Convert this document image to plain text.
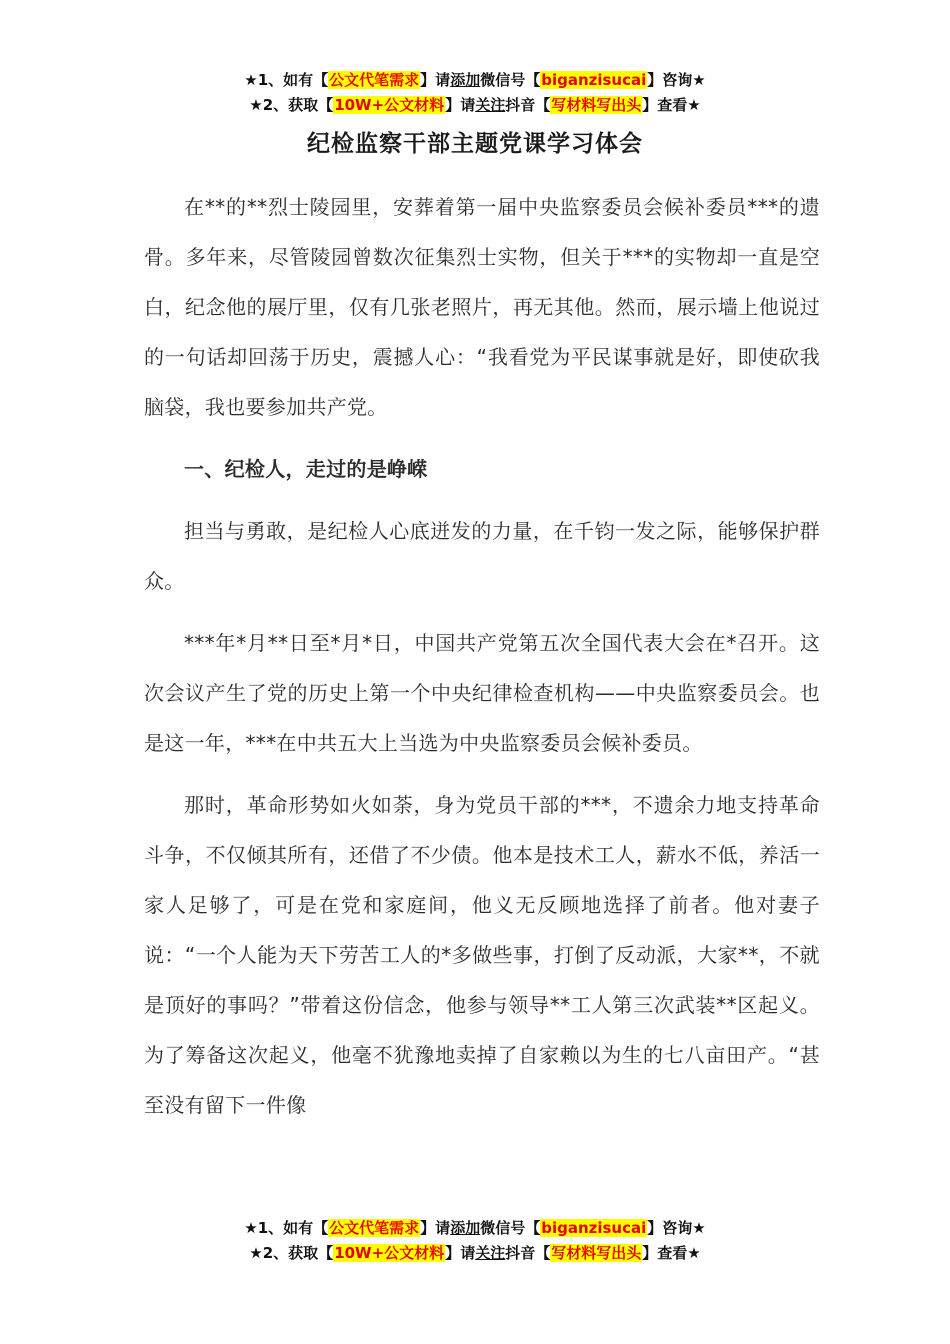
★1、如有【公文代笔需求】请添加微信号【biganzisucai】咨询★
★2、获取【10W+公文材料】请关注抖音【写材料写出头】查看★
纪检监察干部主题党课学习体会

在**的**烈士陵园里，安葬着第一届中央监察委员会候补委员***的遗骨。多年来，尽管陵园曾数次征集烈士实物，但关于***的实物却一直是空白，纪念他的展厅里，仅有几张老照片，再无其他。然而，展示墙上他说过的一句话却回荡于历史，震撼人心：“我看党为平民谋事就是好，即使砍我脑袋，我也要参加共产党。

一、纪检人，走过的是峥嵘

担当与勇敢，是纪检人心底迸发的力量，在千钧一发之际，能够保护群众。

***年*月**日至*月*日，中国共产党第五次全国代表大会在*召开。这次会议产生了党的历史上第一个中央纪律检查机构——中央监察委员会。也是这一年，***在中共五大上当选为中央监察委员会候补委员。

那时，革命形势如火如荼，身为党员干部的***，不遗余力地支持革命斗争，不仅倾其所有，还借了不少债。他本是技术工人，薪水不低，养活一家人足够了，可是在党和家庭间，他义无反顾地选择了前者。他对妻子说：“一个人能为天下劳苦工人的*多做些事，打倒了反动派，大家**，不就是顶好的事吗？”带着这份信念，他参与领导**工人第三次武装**区起义。为了筹备这次起义，他毫不犹豫地卖掉了自家赖以为生的七八亩田产。“甚至没有留下一件像

★1、如有【公文代笔需求】请添加微信号【biganzisucai】咨询★
★2、获取【10W+公文材料】请关注抖音【写材料写出头】查看★
